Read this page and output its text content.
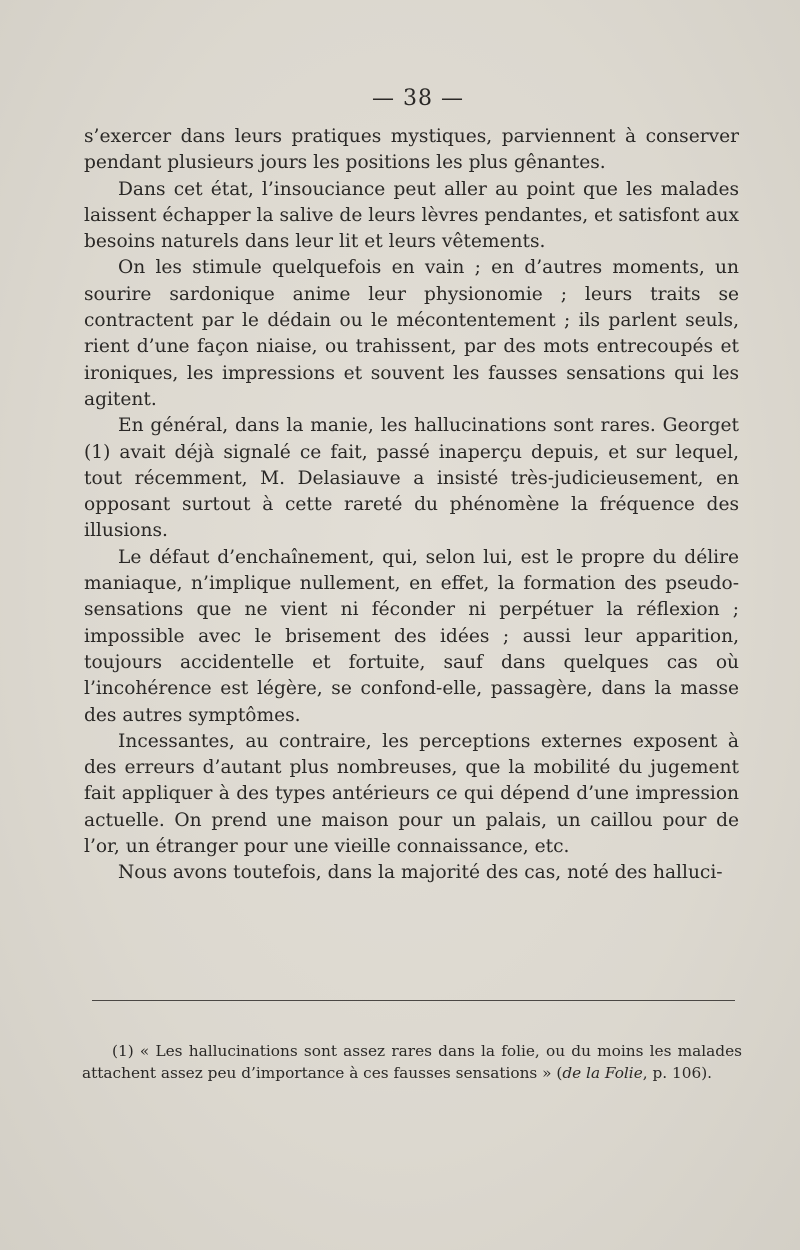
— 38 —

s’exercer dans leurs pratiques mystiques, parviennent à conserver pendant plusieurs jours les positions les plus gênantes.

Dans cet état, l’insouciance peut aller au point que les malades laissent échapper la salive de leurs lèvres pendantes, et satisfont aux besoins naturels dans leur lit et leurs vêtements.

On les stimule quelquefois en vain ; en d’autres moments, un sourire sardonique anime leur physionomie ; leurs traits se contractent par le dédain ou le mécontentement ; ils parlent seuls, rient d’une façon niaise, ou trahissent, par des mots entrecoupés et ironiques, les impressions et souvent les fausses sensations qui les agitent.

En général, dans la manie, les hallucinations sont rares. Georget (1) avait déjà signalé ce fait, passé inaperçu depuis, et sur lequel, tout récemment, M. Delasiauve a insisté très-judicieusement, en opposant surtout à cette rareté du phénomène la fréquence des illusions.

Le défaut d’enchaînement, qui, selon lui, est le propre du délire maniaque, n’implique nullement, en effet, la formation des pseudo-sensations que ne vient ni féconder ni perpétuer la réflexion ; impossible avec le brisement des idées ; aussi leur apparition, toujours accidentelle et fortuite, sauf dans quelques cas où l’incohérence est légère, se confond-elle, passagère, dans la masse des autres symptômes.

Incessantes, au contraire, les perceptions externes exposent à des erreurs d’autant plus nombreuses, que la mobilité du jugement fait appliquer à des types antérieurs ce qui dépend d’une impression actuelle. On prend une maison pour un palais, un caillou pour de l’or, un étranger pour une vieille connaissance, etc.

Nous avons toutefois, dans la majorité des cas, noté des halluci-

(1) « Les hallucinations sont assez rares dans la folie, ou du moins les malades attachent assez peu d’importance à ces fausses sensations » (de la Folie, p. 106).
